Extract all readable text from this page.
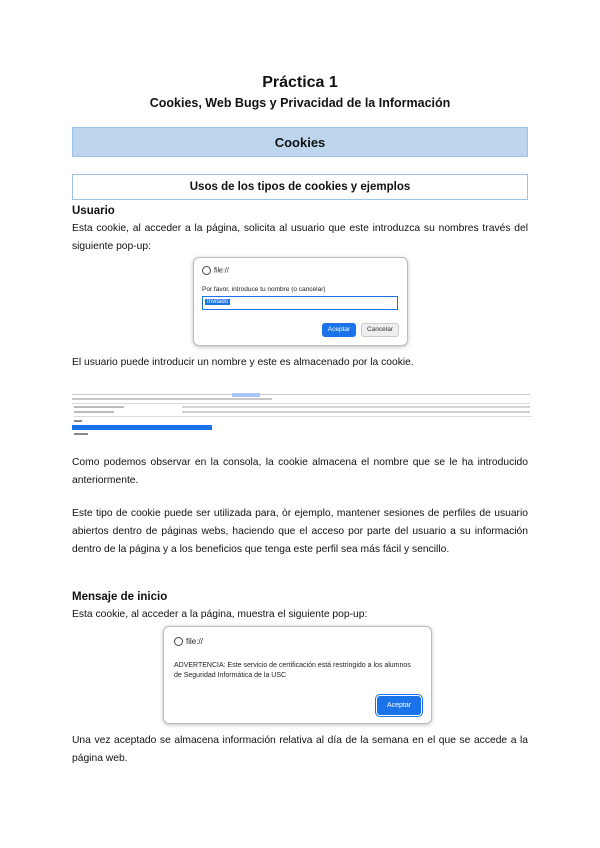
Práctica 1
Cookies, Web Bugs y Privacidad de la Información
Cookies
Usos de los tipos de cookies y ejemplos
Usuario
Esta cookie, al acceder a la página, solicita al usuario que este introduzca su nombres través del siguiente pop-up:
file://
Por favor, introduce tu nombre (o cancelar)
Invitado
Aceptar	Cancelar
El usuario puede introducir un nombre y este es almacenado por la cookie.
Como podemos observar en la consola, la cookie almacena el nombre que se le ha introducido anteriormente.
Este tipo de cookie puede ser utilizada para, òr ejemplo, mantener sesiones de perfiles de usuario abiertos dentro de páginas webs, haciendo que el acceso por parte del usuario a su información dentro de la página y a los beneficios que tenga este perfil sea más fácil y sencillo.
Mensaje de inicio
Esta cookie, al acceder a la página, muestra el siguiente pop-up:
file://
ADVERTENCIA: Este servicio de certificación está restringido a los alumnos de Seguridad Informática de la USC
Aceptar
Una vez aceptado se almacena información relativa al día de la semana en el que se accede a la página web.
